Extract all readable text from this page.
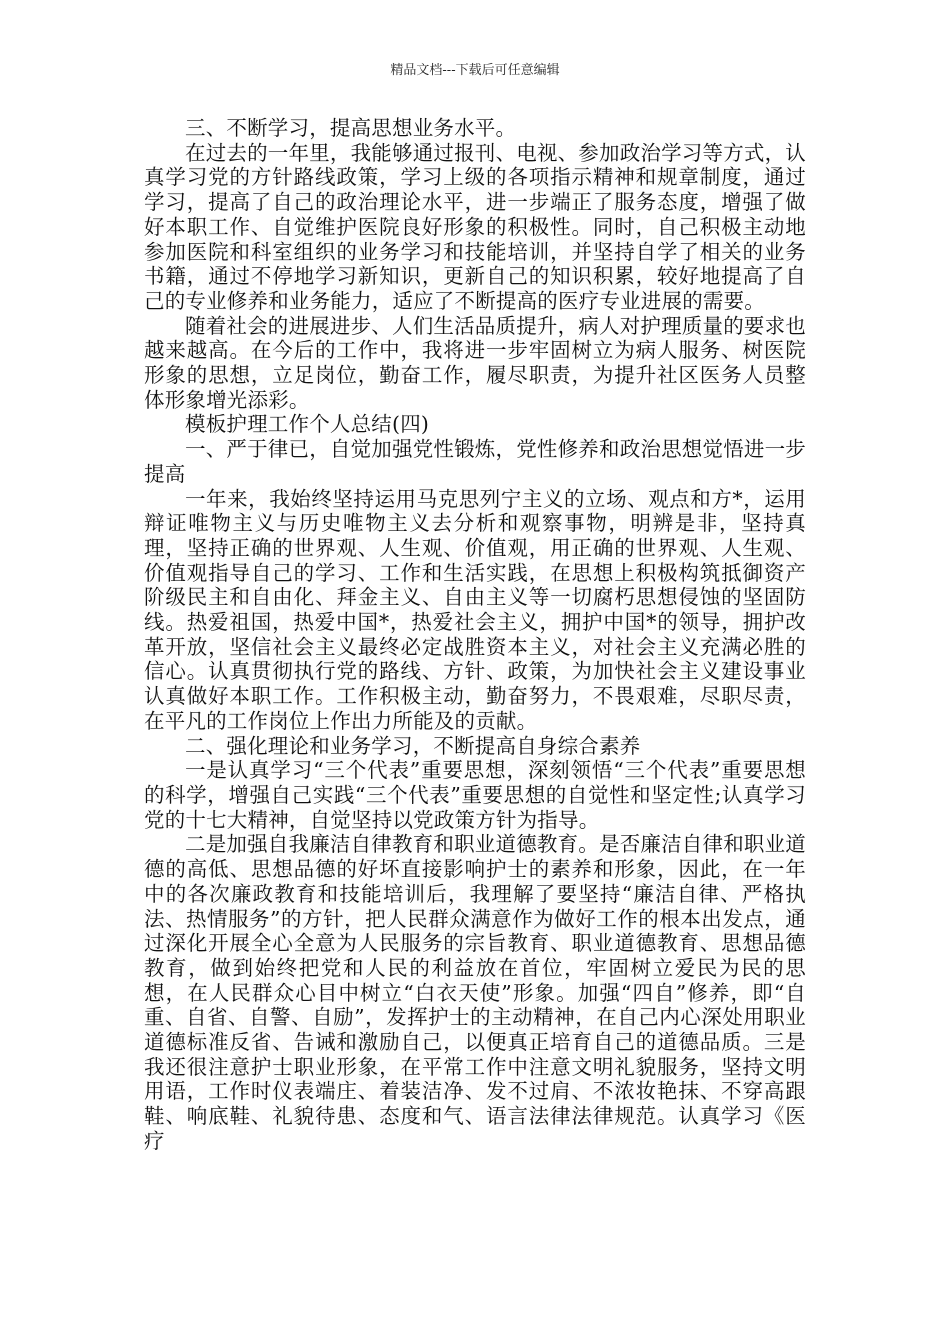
精品文档---下载后可任意编辑

三、不断学习，提高思想业务水平。

在过去的一年里，我能够通过报刊、电视、参加政治学习等方式，认真学习党的方针路线政策，学习上级的各项指示精神和规章制度，通过学习，提高了自己的政治理论水平，进一步端正了服务态度，增强了做好本职工作、自觉维护医院良好形象的积极性。同时，自己积极主动地参加医院和科室组织的业务学习和技能培训，并坚持自学了相关的业务书籍，通过不停地学习新知识，更新自己的知识积累，较好地提高了自己的专业修养和业务能力，适应了不断提高的医疗专业进展的需要。

随着社会的进展进步、人们生活品质提升，病人对护理质量的要求也越来越高。在今后的工作中，我将进一步牢固树立为病人服务、树医院形象的思想，立足岗位，勤奋工作，履尽职责，为提升社区医务人员整体形象增光添彩。

模板护理工作个人总结(四)

一、严于律已，自觉加强党性锻炼，党性修养和政治思想觉悟进一步提高

一年来，我始终坚持运用马克思列宁主义的立场、观点和方*，运用辩证唯物主义与历史唯物主义去分析和观察事物，明辨是非，坚持真理，坚持正确的世界观、人生观、价值观，用正确的世界观、人生观、价值观指导自己的学习、工作和生活实践，在思想上积极构筑抵御资产阶级民主和自由化、拜金主义、自由主义等一切腐朽思想侵蚀的坚固防线。热爱祖国，热爱中国*，热爱社会主义，拥护中国*的领导，拥护改革开放，坚信社会主义最终必定战胜资本主义，对社会主义充满必胜的信心。认真贯彻执行党的路线、方针、政策，为加快社会主义建设事业认真做好本职工作。工作积极主动，勤奋努力，不畏艰难，尽职尽责，在平凡的工作岗位上作出力所能及的贡献。

二、强化理论和业务学习，不断提高自身综合素养

一是认真学习“三个代表”重要思想，深刻领悟“三个代表”重要思想的科学，增强自己实践“三个代表”重要思想的自觉性和坚定性;认真学习党的十七大精神，自觉坚持以党政策方针为指导。

二是加强自我廉洁自律教育和职业道德教育。是否廉洁自律和职业道德的高低、思想品德的好坏直接影响护士的素养和形象，因此，在一年中的各次廉政教育和技能培训后，我理解了要坚持“廉洁自律、严格执法、热情服务”的方针，把人民群众满意作为做好工作的根本出发点，通过深化开展全心全意为人民服务的宗旨教育、职业道德教育、思想品德教育，做到始终把党和人民的利益放在首位，牢固树立爱民为民的思想，在人民群众心目中树立“白衣天使”形象。加强“四自”修养，即“自重、自省、自警、自励”，发挥护士的主动精神，在自己内心深处用职业道德标准反省、告诫和激励自己，以便真正培育自己的道德品质。三是我还很注意护士职业形象，在平常工作中注意文明礼貌服务，坚持文明用语，工作时仪表端庄、着装洁净、发不过肩、不浓妆艳抹、不穿高跟鞋、响底鞋、礼貌待患、态度和气、语言法律法律规范。认真学习《医疗
